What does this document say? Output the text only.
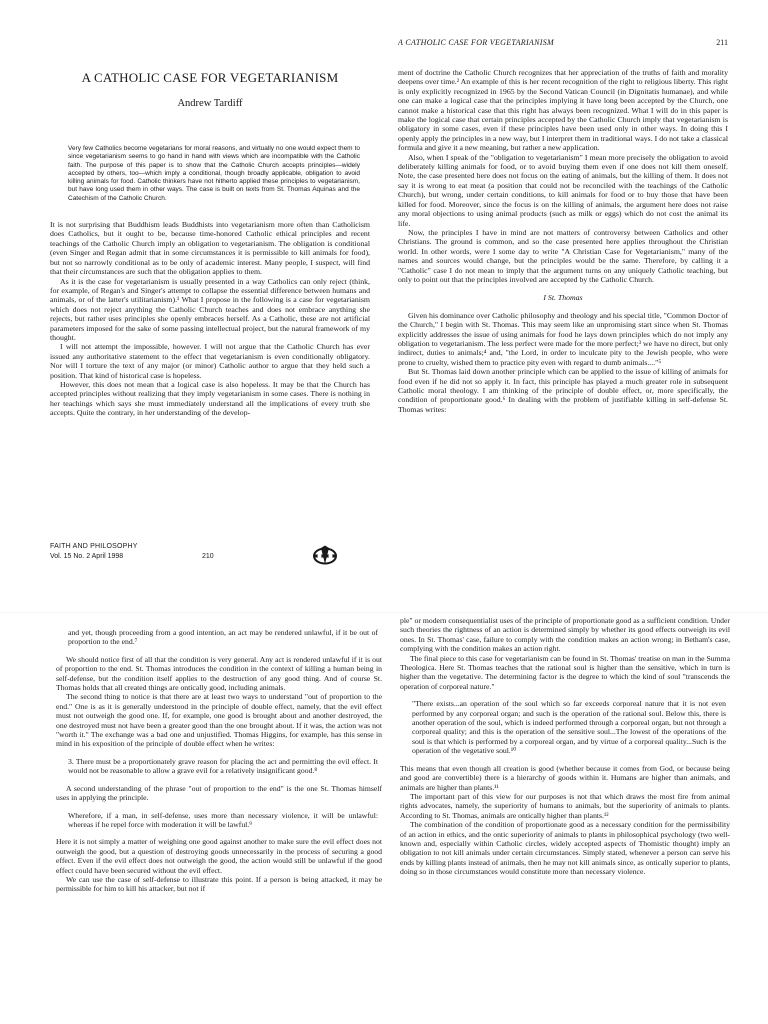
A CATHOLIC CASE FOR VEGETARIANISM
Andrew Tardiff
Very few Catholics become vegetarians for moral reasons, and virtually no one would expect them to since vegetarianism seems to go hand in hand with views which are incompatible with the Catholic faith. The purpose of this paper is to show that the Catholic Church accepts principles—widely accepted by others, too—which imply a conditional, though broadly applicable, obligation to avoid killing animals for food. Catholic thinkers have not hitherto applied these principles to vegetarianism, but have long used them in other ways. The case is built on texts from St. Thomas Aquinas and the Catechism of the Catholic Church.

It is not surprising that Buddhism leads Buddhists into vegetarianism more often than Catholicism does Catholics, but it ought to be, because time-honored Catholic ethical principles and recent teachings of the Catholic Church imply an obligation to vegetarianism. The obligation is conditional (even Singer and Regan admit that in some circumstances it is permissible to kill animals for food), but not so narrowly conditional as to be only of academic interest. Many people, I suspect, will find that their circumstances are such that the obligation applies to them.

As it is the case for vegetarianism is usually presented in a way Catholics can only reject (think, for example, of Regan's and Singer's attempt to collapse the essential difference between humans and animals, or of the latter's utilitarianism).¹ What I propose in the following is a case for vegetarianism which does not reject anything the Catholic Church teaches and does not embrace anything she rejects, but rather uses principles she openly embraces herself. As a Catholic, these are not artificial parameters imposed for the sake of some passing intellectual project, but the natural framework of my thought.

I will not attempt the impossible, however. I will not argue that the Catholic Church has ever issued any authoritative statement to the effect that vegetarianism is even conditionally obligatory. Nor will I torture the text of any major (or minor) Catholic author to argue that they held such a position. That kind of historical case is hopeless.

However, this does not mean that a logical case is also hopeless. It may be that the Church has accepted principles without realizing that they imply vegetarianism in some cases. There is nothing in her teachings which says she must immediately understand all the implications of every truth she accepts. Quite the contrary, in her understanding of the develop-

FAITH AND PHILOSOPHY
Vol. 15 No. 2 April 1998	210
A CATHOLIC CASE FOR VEGETARIANISM	211

ment of doctrine the Catholic Church recognizes that her appreciation of the truths of faith and morality deepens over time.² An example of this is her recent recognition of the right to religious liberty. This right is only explicitly recognized in 1965 by the Second Vatican Council (in Dignitatis humanae), and while one can make a logical case that the principles implying it have long been accepted by the Church, one cannot make a historical case that this right has always been recognized. What I will do in this paper is make the logical case that certain principles accepted by the Catholic Church imply that vegetarianism is obligatory in some cases, even if these principles have been used only in other ways. In doing this I openly apply the principles in a new way, but I interpret them in traditional ways. I do not take a classical formula and give it a new meaning, but rather a new application.

Also, when I speak of the "obligation to vegetarianism" I mean more precisely the obligation to avoid deliberately killing animals for food, or to avoid buying them even if one does not kill them oneself. Note, the case presented here does not focus on the eating of animals, but the killing of them. It does not say it is wrong to eat meat (a position that could not be reconciled with the teachings of the Catholic Church), but wrong, under certain conditions, to kill animals for food or to buy those that have been killed for food. Moreover, since the focus is on the killing of animals, the argument here does not raise any moral objections to using animal products (such as milk or eggs) which do not cost the animal its life.

Now, the principles I have in mind are not matters of controversy between Catholics and other Christians. The ground is common, and so the case presented here applies throughout the Christian world. In other words, were I some day to write "A Christian Case for Vegetarianism," many of the names and sources would change, but the principles would be the same. Therefore, by calling it a "Catholic" case I do not mean to imply that the argument turns on any uniquely Catholic teaching, but only to point out that the principles involved are accepted by the Catholic Church.

I St. Thomas

Given his dominance over Catholic philosophy and theology and his special title, "Common Doctor of the Church," I begin with St. Thomas. This may seem like an unpromising start since when St. Thomas explicitly addresses the issue of using animals for food he lays down principles which do not imply any obligation to vegetarianism. The less perfect were made for the more perfect;³ we have no direct, but only indirect, duties to animals;⁴ and, "the Lord, in order to inculcate pity to the Jewish people, who were prone to cruelty, wished them to practice pity even with regard to dumb animals...."⁵

But St. Thomas laid down another principle which can be applied to the issue of killing of animals for food even if he did not so apply it. In fact, this principle has played a much greater role in subsequent Catholic moral theology. I am thinking of the principle of double effect, or, more specifically, the condition of proportionate good.⁶ In dealing with the problem of justifiable killing in self-defense St. Thomas writes:

and yet, though proceeding from a good intention, an act may be rendered unlawful, if it be out of proportion to the end.⁷

We should notice first of all that the condition is very general. Any act is rendered unlawful if it is out of proportion to the end. St. Thomas introduces the condition in the context of killing a human being in self-defense, but the condition itself applies to the destruction of any good thing. And of course St. Thomas holds that all created things are ontically good, including animals.

The second thing to notice is that there are at least two ways to understand "out of proportion to the end." One is as it is generally understood in the principle of double effect, namely, that the evil effect must not outweigh the good one. If, for example, one good is brought about and another destroyed, the one destroyed must not have been a greater good than the one brought about. If it was, the action was not "worth it." The exchange was a bad one and unjustified. Thomas Higgins, for example, has this sense in mind in his exposition of the principle of double effect when he writes:

3. There must be a proportionately grave reason for placing the act and permitting the evil effect. It would not be reasonable to allow a grave evil for a relatively insignificant good.⁸

A second understanding of the phrase "out of proportion to the end" is the one St. Thomas himself uses in applying the principle.

Wherefore, if a man, in self-defense, uses more than necessary violence, it will be unlawful: whereas if he repel force with moderation it will be lawful.⁹

Here it is not simply a matter of weighing one good against another to make sure the evil effect does not outweigh the good, but a question of destroying goods unnecessarily in the process of securing a good effect. Even if the evil effect does not outweigh the good, the action would still be unlawful if the good effect could have been secured without the evil effect.

We can use the case of self-defense to illustrate this point. If a person is being attacked, it may be permissible for him to kill his attacker, but not if

ple" or modern consequentialist uses of the principle of proportionate good as a sufficient condition. Under such theories the rightness of an action is determined simply by whether its good effects outweigh its evil ones. In St. Thomas' case, failure to comply with the condition makes an action wrong; in Betham's case, complying with the condition makes an action right.

The final piece to this case for vegetarianism can be found in St. Thomas' treatise on man in the Summa Theologica. Here St. Thomas teaches that the rational soul is higher than the sensitive, which in turn is higher than the vegetative. The determining factor is the degree to which the kind of soul "transcends the operation of corporeal nature."

"There exists...an operation of the soul which so far exceeds corporeal nature that it is not even performed by any corporeal organ; and such is the operation of the rational soul. Below this, there is another operation of the soul, which is indeed performed through a corporeal organ, but not through a corporeal quality; and this is the operation of the sensitive soul...The lowest of the operations of the soul is that which is performed by a corporeal organ, and by virtue of a corporeal quality...Such is the operation of the vegetative soul.¹⁰

This means that even though all creation is good (whether because it comes from God, or because being and good are convertible) there is a hierarchy of goods within it. Humans are higher than animals, and animals are higher than plants.¹¹

The important part of this view for our purposes is not that which draws the most fire from animal rights advocates, namely, the superiority of humans to animals, but the superiority of animals to plants. According to St. Thomas, animals are ontically higher than plants.¹²

The combination of the condition of proportionate good as a necessary condition for the permissibility of an action in ethics, and the ontic superiority of animals to plants in philosophical psychology (two well-known and, especially within Catholic circles, widely accepted aspects of Thomistic thought) imply an obligation to not kill animals under certain circumstances. Simply stated, whenever a person can serve his ends by killing plants instead of animals, then he may not kill animals since, as ontically superior to plants, doing so in those circumstances would constitute more than necessary violence.
